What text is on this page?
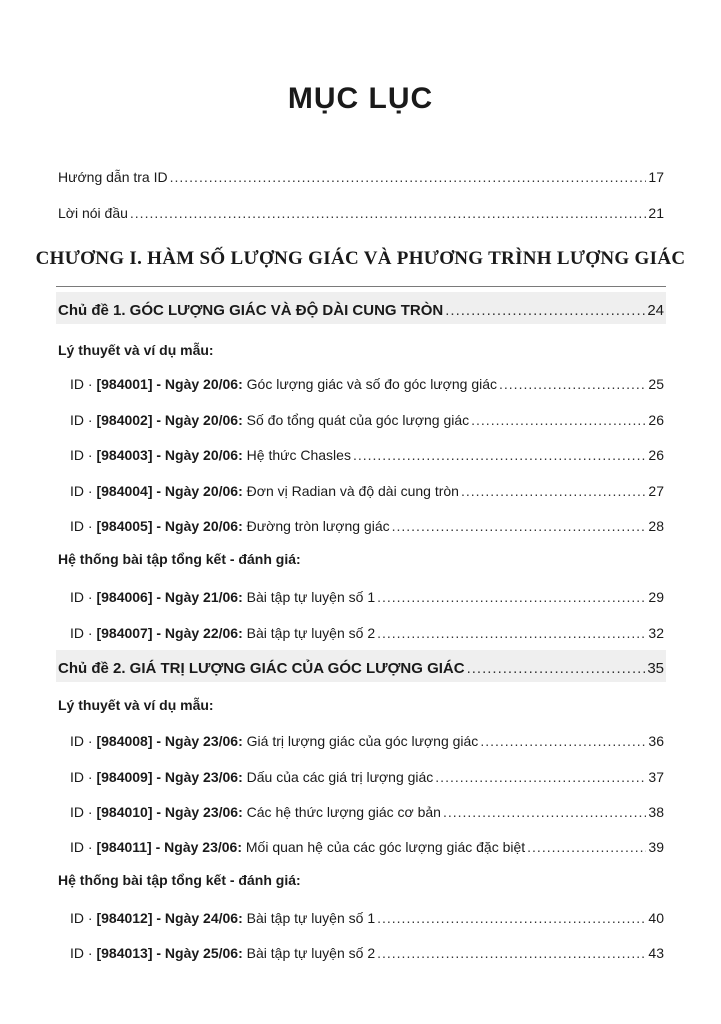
MỤC LỤC
Hướng dẫn tra ID .....	17
Lời nói đầu .....	21
CHƯƠNG I. HÀM SỐ LƯỢNG GIÁC VÀ PHƯƠNG TRÌNH LƯỢNG GIÁC
Chủ đề 1. GÓC LƯỢNG GIÁC VÀ ĐỘ DÀI CUNG TRÒN .....	24
Lý thuyết và ví dụ mẫu:
ID · [984001] - Ngày 20/06: Góc lượng giác và số đo góc lượng giác .....	25
ID · [984002] - Ngày 20/06: Số đo tổng quát của góc lượng giác .....	26
ID · [984003] - Ngày 20/06: Hệ thức Chasles .....	26
ID · [984004] - Ngày 20/06: Đơn vị Radian và độ dài cung tròn .....	27
ID · [984005] - Ngày 20/06: Đường tròn lượng giác .....	28
Hệ thống bài tập tổng kết - đánh giá:
ID · [984006] - Ngày 21/06: Bài tập tự luyện số 1 .....	29
ID · [984007] - Ngày 22/06: Bài tập tự luyện số 2 .....	32
Chủ đề 2. GIÁ TRỊ LƯỢNG GIÁC CỦA GÓC LƯỢNG GIÁC .....	35
Lý thuyết và ví dụ mẫu:
ID · [984008] - Ngày 23/06: Giá trị lượng giác của góc lượng giác .....	36
ID · [984009] - Ngày 23/06: Dấu của các giá trị lượng giác .....	37
ID · [984010] - Ngày 23/06: Các hệ thức lượng giác cơ bản .....	38
ID · [984011] - Ngày 23/06: Mối quan hệ của các góc lượng giác đặc biệt .....	39
Hệ thống bài tập tổng kết - đánh giá:
ID · [984012] - Ngày 24/06: Bài tập tự luyện số 1 .....	40
ID · [984013] - Ngày 25/06: Bài tập tự luyện số 2 .....	43
